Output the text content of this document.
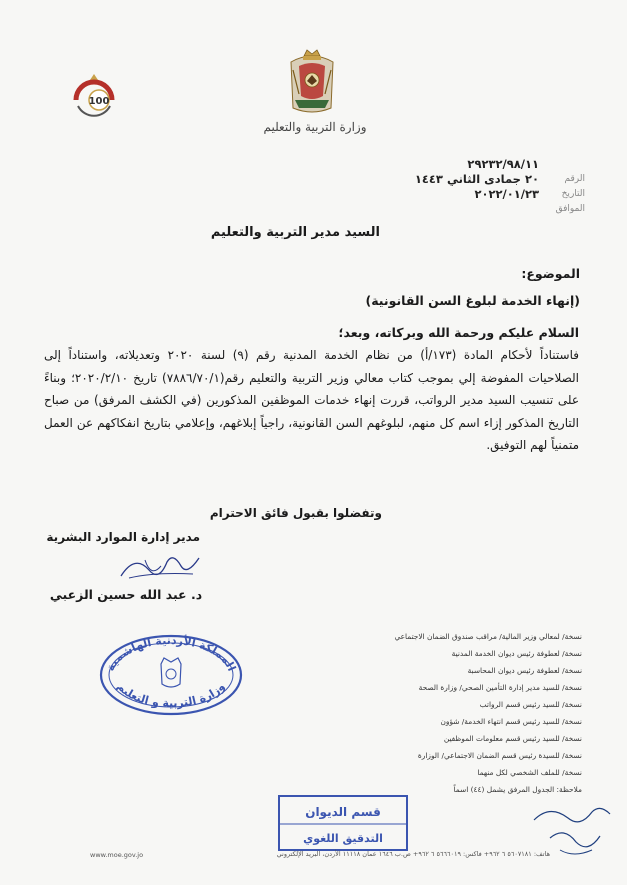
وزارة التربية والتعليم
100
٢٩٢٣٢/٩٨/١١
الرقم
٢٠ جمادى الثاني ١٤٤٣
التاريخ
٢٠٢٢/٠١/٢٣
الموافق
السيد مدير التربية والتعليم
الموضوع:
(إنهاء الخدمة لبلوغ السن القانونية)
السلام عليكم ورحمة الله وبركاته، وبعد؛
فاستناداً لأحكام المادة (١٧٣/أ) من نظام الخدمة المدنية رقم (٩) لسنة ٢٠٢٠ وتعديلاته، واستناداً إلى الصلاحيات المفوضة إلي بموجب كتاب معالي وزير التربية والتعليم رقم(٧٨٨٦/٧٠/١) تاريخ ٢٠٢٠/٢/١٠؛ وبناءً على تنسيب السيد مدير الرواتب، قررت إنهاء خدمات الموظفين المذكورين (في الكشف المرفق) من صباح التاريخ المذكور إزاء اسم كل منهم، لبلوغهم السن القانونية، راجياً إبلاغهم، وإعلامي بتاريخ انفكاكهم عن العمل متمنياً لهم التوفيق.
وتفضلوا بقبول فائق الاحترام
مدير إدارة الموارد البشرية
د. عبد الله حسين الزعبي
المملكة الأردنية الهاشمية
وزارة التربية و التعليم
نسخة/ لمعالي وزير المالية/ مراقب صندوق الضمان الاجتماعي
نسخة/ لعطوفة رئيس ديوان الخدمة المدنية
نسخة/ لعطوفة رئيس ديوان المحاسبة
نسخة/ للسيد مدير إدارة التأمين الصحي/ وزارة الصحة
نسخة/ للسيد رئيس قسم الرواتب
نسخة/ للسيد رئيس قسم انتهاء الخدمة/ شؤون
نسخة/ للسيد رئيس قسم معلومات الموظفين
نسخة/ للسيدة رئيس قسم الضمان الاجتماعي/ الوزارة
نسخة/ للملف الشخصي لكل منهما
ملاحظة: الجدول المرفق يشمل (٤٤) اسماً
قسم الديوان
التدقيق اللغوي
هاتف: ٥٦٠٧١٨١ ٦ ٩٦٢+ فاكس: ٥٦٦٦٠١٩ ٦ ٩٦٢+ ص.ب ١٦٤٦ عمان ١١١١٨ الأردن، البريد الإلكتروني
www.moe.gov.jo
